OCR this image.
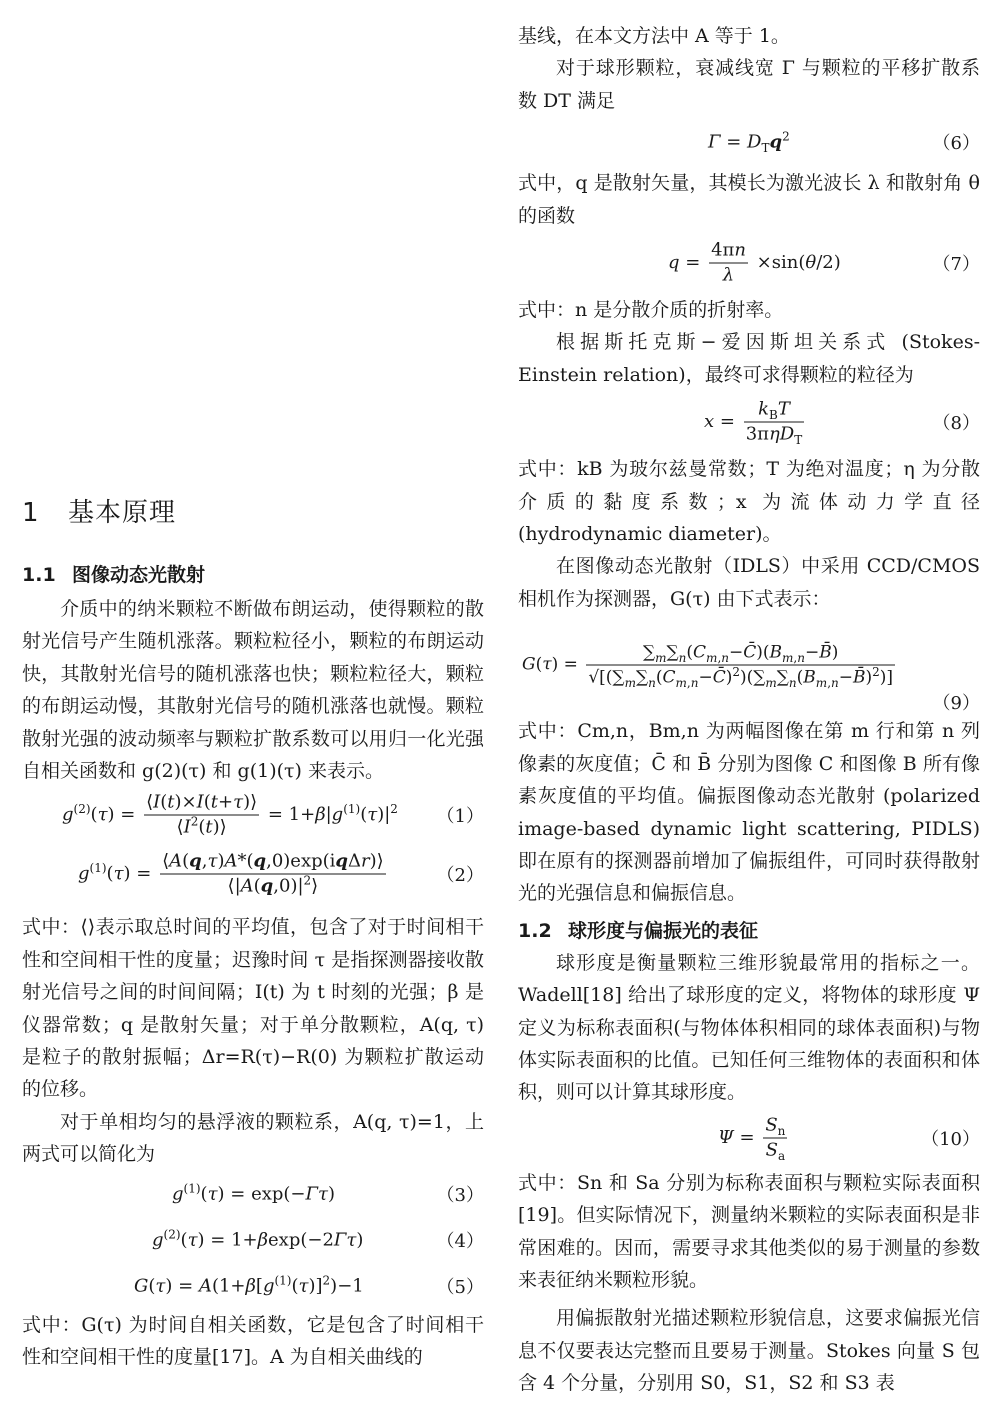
1 基本原理
1.1 图像动态光散射

介质中的纳米颗粒不断做布朗运动，使得颗粒的散射光信号产生随机涨落。颗粒粒径小，颗粒的布朗运动快，其散射光信号的随机涨落也快；颗粒粒径大，颗粒的布朗运动慢，其散射光信号的随机涨落也就慢。颗粒散射光强的波动频率与颗粒扩散系数可以用归一化光强自相关函数和 g(2)(τ) 和 g(1)(τ) 来表示。

$g^{(2)}(\tau) = \frac{⟨I(t)\times I(t+\tau)⟩}{⟨I^2(t)⟩} = 1+\beta|g^{(1)}(\tau)|^2$ （1）
$g^{(1)}(\tau) = \frac{\text{⟨A(q,τ)A*(q,0)exp(iqΔr)⟩}}{⟨|A(q,0)|^2⟩}$	（2）

式中：⟨⟩表示取总时间的平均值，包含了对于时间相干性和空间相干性的度量；迟豫时间 τ 是指探测器接收散射光信号之间的时间间隔；I(t) 为 t 时刻的光强；β 是仪器常数；q 是散射矢量；对于单分散颗粒，A(q, τ) 是粒子的散射振幅；Δr=R(τ)−R(0) 为颗粒扩散运动的位移。

对于单相均匀的悬浮液的颗粒系，A(q, τ)=1，上两式可以简化为

$g^{(1)}(\tau) = \exp(-\Gamma\tau)$	（3）
$g^{(2)}(\tau) = 1+\beta\exp(-2\Gamma\tau)$	（4）
$G(\tau) = A(1+\beta[g^{(1)}(\tau)]^2)-1$	（5）

式中：G(τ) 为时间自相关函数，它是包含了时间相干性和空间相干性的度量[17]。A 为自相关曲线的

基线，在本文方法中 A 等于 1。

对于球形颗粒，衰减线宽 Γ 与颗粒的平移扩散系数 DT 满足

$\Gamma = D_Tq^2$	（6）

式中，q 是散射矢量，其模长为激光波长 λ 和散射角 θ 的函数

$q = \frac{4\pi n}{\lambda} \times\sin(\theta/2)$	（7）

式中：n 是分散介质的折射率。

根据斯托克斯−爱因斯坦关系式 (Stokes-Einstein relation)，最终可求得颗粒的粒径为

$x = \frac{k_BT}{3\pi\eta D_T}$	（8）

式中：kB 为玻尔兹曼常数；T 为绝对温度；η 为分散介质的黏度系数；x 为流体动力学直径 (hydrodynamic diameter)。

在图像动态光散射（IDLS）中采用 CCD/CMOS 相机作为探测器，G(τ) 由下式表示：

$G(\tau) = \frac{\sum_m\sum_n(C_{m,n}-C̄)(B_{m,n}-B̄)}{√[(\sum_m\sum_n(C_{m,n}-C̄)^2)(\sum_m\sum_n(B_{m,n}-B̄)^2)]}$
（9）

式中：Cm,n，Bm,n 为两幅图像在第 m 行和第 n 列像素的灰度值；C̄ 和 B̄ 分别为图像 C 和图像 B 所有像素灰度值的平均值。偏振图像动态光散射 (polarized image-based dynamic light scattering, PIDLS) 即在原有的探测器前增加了偏振组件，可同时获得散射光的光强信息和偏振信息。

1.2 球形度与偏振光的表征

球形度是衡量颗粒三维形貌最常用的指标之一。Wadell[18] 给出了球形度的定义，将物体的球形度 Ψ 定义为标称表面积(与物体体积相同的球体表面积)与物体实际表面积的比值。已知任何三维物体的表面积和体积，则可以计算其球形度。

$\Psi = \frac{S_n}{S_a}$	（10）

式中：Sn 和 Sa 分别为标称表面积与颗粒实际表面积[19]。但实际情况下，测量纳米颗粒的实际表面积是非常困难的。因而，需要寻求其他类似的易于测量的参数来表征纳米颗粒形貌。

用偏振散射光描述颗粒形貌信息，这要求偏振光信息不仅要表达完整而且要易于测量。Stokes 向量 S 包含 4 个分量，分别用 S0，S1，S2 和 S3 表
